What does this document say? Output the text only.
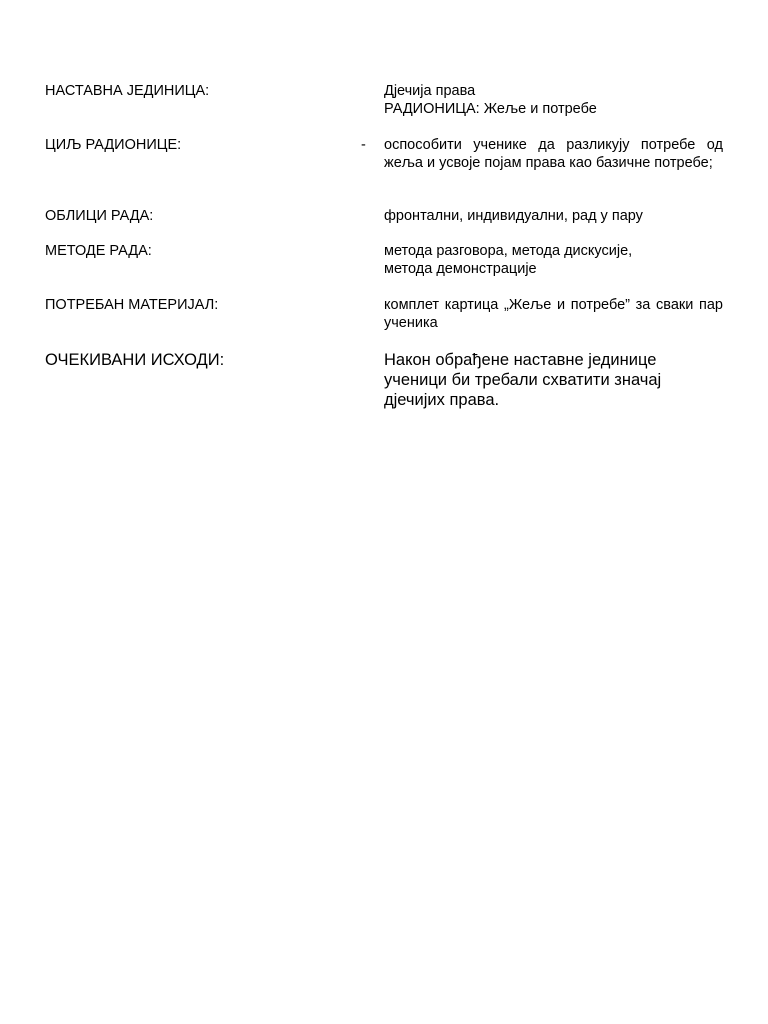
НАСТАВНА ЈЕДИНИЦА:	Дјечија права
РАДИОНИЦА: Жеље и потребе
ЦИЉ РАДИОНИЦЕ:	- оспособити ученике да разликују потребе од жеља и усвоје појам права као базичне потребе;
ОБЛИЦИ РАДА:	фронтални, индивидуални, рад у пару
МЕТОДЕ РАДА:	метода разговора, метода дискусије,
метода демонстрације
ПОТРЕБАН МАТЕРИЈАЛ:	комплет картица „Жеље и потребе” за сваки пар ученика
ОЧЕКИВАНИ ИСХОДИ:	Након обрађене наставне јединице ученици би требали схватити значај дјечијих права.
